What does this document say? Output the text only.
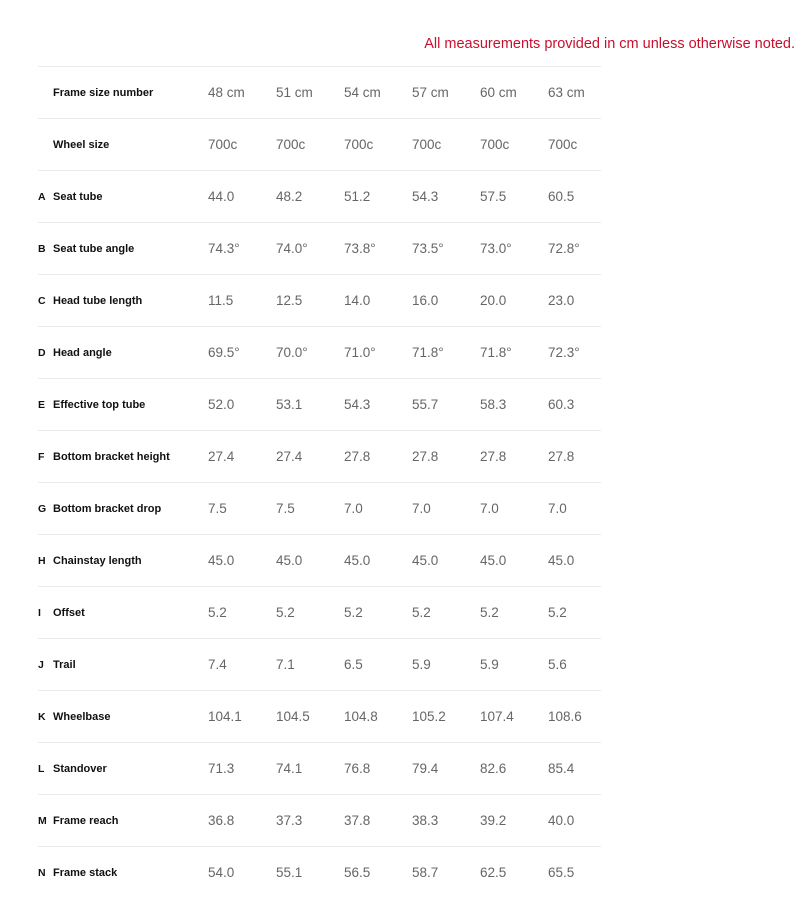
All measurements provided in cm unless otherwise noted.
	Frame size number	48 cm	51 cm	54 cm	57 cm	60 cm	63 cm
	Wheel size	700c	700c	700c	700c	700c	700c
A	Seat tube	44.0	48.2	51.2	54.3	57.5	60.5
B	Seat tube angle	74.3°	74.0°	73.8°	73.5°	73.0°	72.8°
C	Head tube length	11.5	12.5	14.0	16.0	20.0	23.0
D	Head angle	69.5°	70.0°	71.0°	71.8°	71.8°	72.3°
E	Effective top tube	52.0	53.1	54.3	55.7	58.3	60.3
F	Bottom bracket height	27.4	27.4	27.8	27.8	27.8	27.8
G	Bottom bracket drop	7.5	7.5	7.0	7.0	7.0	7.0
H	Chainstay length	45.0	45.0	45.0	45.0	45.0	45.0
I	Offset	5.2	5.2	5.2	5.2	5.2	5.2
J	Trail	7.4	7.1	6.5	5.9	5.9	5.6
K	Wheelbase	104.1	104.5	104.8	105.2	107.4	108.6
L	Standover	71.3	74.1	76.8	79.4	82.6	85.4
M	Frame reach	36.8	37.3	37.8	38.3	39.2	40.0
N	Frame stack	54.0	55.1	56.5	58.7	62.5	65.5
